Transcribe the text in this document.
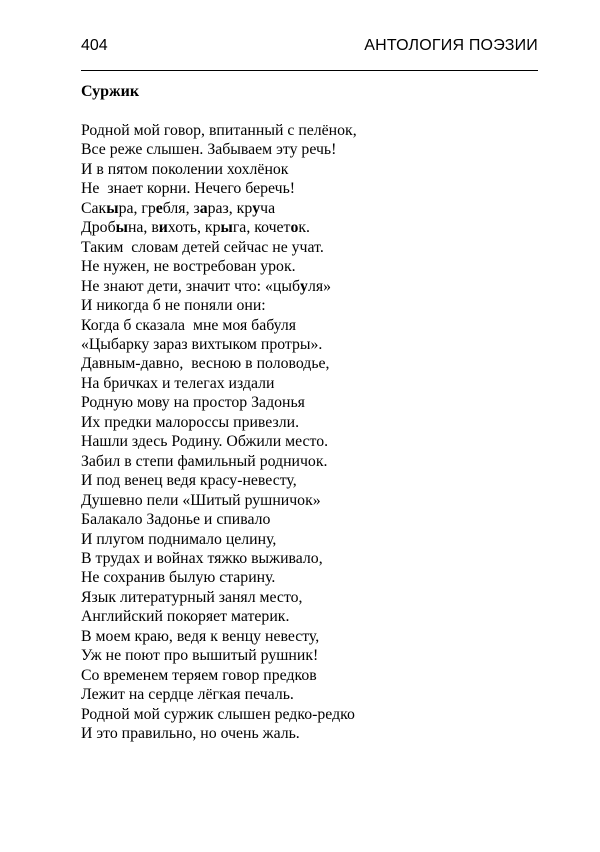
404	АНТОЛОГИЯ ПОЭЗИИ
Суржик
Родной мой говор, впитанный с пелёнок,
Все реже слышен. Забываем эту речь!
И в пятом поколении хохлёнок
Не  знает корни. Нечего беречь!
Сакыра, гребля, зараз, круча
Дробына, вихоть, крыга, кочеток.
Таким  словам детей сейчас не учат.
Не нужен, не востребован урок.
Не знают дети, значит что: «цыбуля»
И никогда б не поняли они:
Когда б сказала  мне моя бабуля
«Цыбарку зараз вихтыком протры».
Давным-давно,  весною в половодье,
На бричках и телегах издали
Родную мову на простор Задонья
Их предки малороссы привезли.
Нашли здесь Родину. Обжили место.
Забил в степи фамильный родничок.
И под венец ведя красу-невесту,
Душевно пели «Шитый рушничок»
Балакало Задонье и спивало
И плугом поднимало целину,
В трудах и войнах тяжко выживало,
Не сохранив былую старину.
Язык литературный занял место,
Английский покоряет материк.
В моем краю, ведя к венцу невесту,
Уж не поют про вышитый рушник!
Со временем теряем говор предков
Лежит на сердце лёгкая печаль.
Родной мой суржик слышен редко-редко
И это правильно, но очень жаль.
